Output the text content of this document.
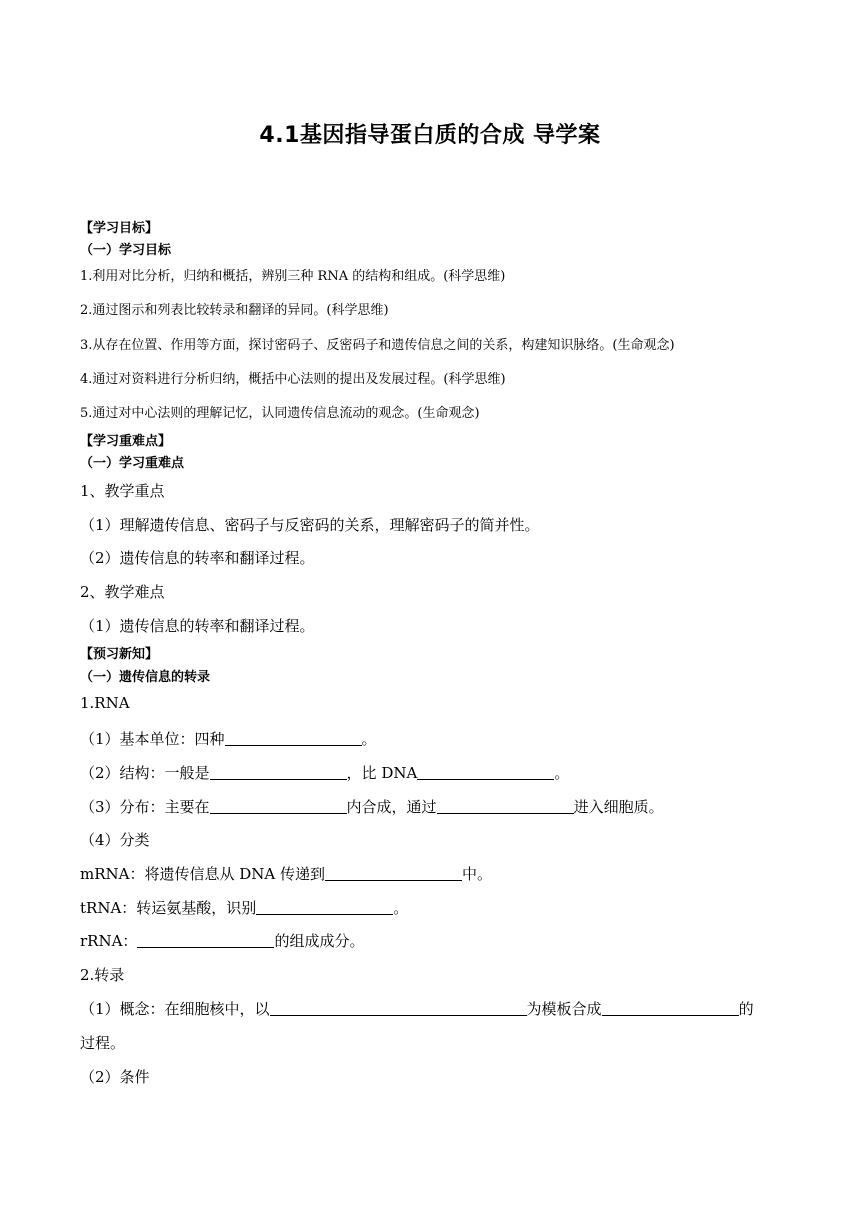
4.1基因指导蛋白质的合成 导学案
【学习目标】
（一）学习目标
1.利用对比分析，归纳和概括，辨别三种 RNA 的结构和组成。(科学思维)
2.通过图示和列表比较转录和翻译的异同。(科学思维)
3.从存在位置、作用等方面，探讨密码子、反密码子和遗传信息之间的关系，构建知识脉络。(生命观念)
4.通过对资料进行分析归纳，概括中心法则的提出及发展过程。(科学思维)
5.通过对中心法则的理解记忆，认同遗传信息流动的观念。(生命观念)
【学习重难点】
（一）学习重难点
1、教学重点
（1）理解遗传信息、密码子与反密码的关系，理解密码子的简并性。
（2）遗传信息的转率和翻译过程。
2、教学难点
（1）遗传信息的转率和翻译过程。
【预习新知】
（一）遗传信息的转录
1.RNA
（1）基本单位：四种	。
（2）结构：一般是	，比 DNA	。
（3）分布：主要在	内合成，通过	进入细胞质。
（4）分类
mRNA：将遗传信息从 DNA 传递到	中。
tRNA：转运氨基酸，识别	。
rRNA：	的组成成分。
2.转录
（1）概念：在细胞核中，以	为模板合成	的
过程。
（2）条件
